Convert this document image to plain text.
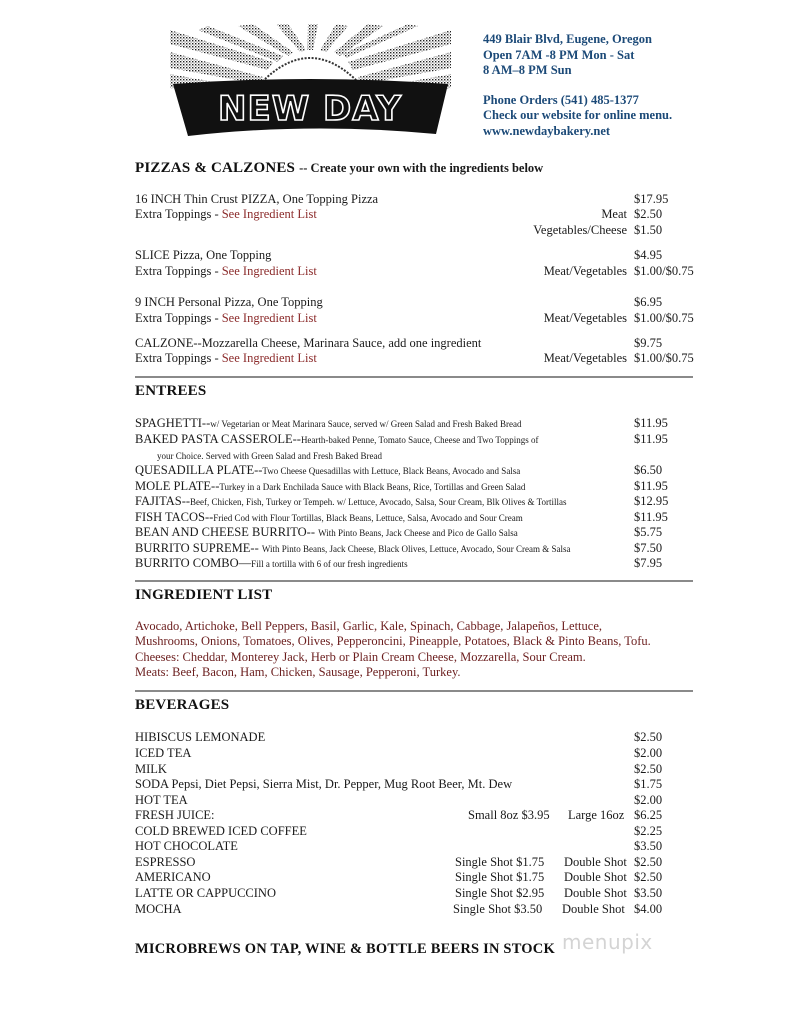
NEW DAY
449 Blair Blvd, Eugene, Oregon
Open 7AM -8 PM Mon - Sat
8 AM–8 PM Sun
Phone Orders (541) 485-1377
Check our website for online menu.
www.newdaybakery.net
PIZZAS & CALZONES -- Create your own with the ingredients below
16 INCH Thin Crust PIZZA, One Topping Pizza	$17.95
Extra Toppings - See Ingredient List	Meat $2.50
Vegetables/Cheese $1.50
SLICE Pizza, One Topping	$4.95
Extra Toppings - See Ingredient List	Meat/Vegetables $1.00/$0.75
9 INCH Personal Pizza, One Topping	$6.95
Extra Toppings - See Ingredient List	Meat/Vegetables $1.00/$0.75
CALZONE--Mozzarella Cheese, Marinara Sauce, add one ingredient	$9.75
Extra Toppings - See Ingredient List	Meat/Vegetables $1.00/$0.75
ENTREES
SPAGHETTI--w/ Vegetarian or Meat Marinara Sauce, served w/ Green Salad and Fresh Baked Bread	$11.95
BAKED PASTA CASSEROLE--Hearth-baked Penne, Tomato Sauce, Cheese and Two Toppings of	$11.95
your Choice. Served with Green Salad and Fresh Baked Bread
QUESADILLA PLATE--Two Cheese Quesadillas with Lettuce, Black Beans, Avocado and Salsa	$6.50
MOLE PLATE--Turkey in a Dark Enchilada Sauce with Black Beans, Rice, Tortillas and Green Salad	$11.95
FAJITAS--Beef, Chicken, Fish, Turkey or Tempeh. w/ Lettuce, Avocado, Salsa, Sour Cream, Blk Olives & Tortillas	$12.95
FISH TACOS--Fried Cod with Flour Tortillas, Black Beans, Lettuce, Salsa, Avocado and Sour Cream	$11.95
BEAN AND CHEESE BURRITO-- With Pinto Beans, Jack Cheese and Pico de Gallo Salsa	$5.75
BURRITO SUPREME-- With Pinto Beans, Jack Cheese, Black Olives, Lettuce, Avocado, Sour Cream & Salsa	$7.50
BURRITO COMBO—Fill a tortilla with 6 of our fresh ingredients	$7.95
INGREDIENT LIST
Avocado, Artichoke, Bell Peppers, Basil, Garlic, Kale, Spinach, Cabbage, Jalapeños, Lettuce,
Mushrooms, Onions, Tomatoes, Olives, Pepperoncini, Pineapple, Potatoes, Black & Pinto Beans, Tofu.
Cheeses: Cheddar, Monterey Jack, Herb or Plain Cream Cheese, Mozzarella, Sour Cream.
Meats: Beef, Bacon, Ham, Chicken, Sausage, Pepperoni, Turkey.
BEVERAGES
HIBISCUS LEMONADE	$2.50
ICED TEA	$2.00
MILK	$2.50
SODA Pepsi, Diet Pepsi, Sierra Mist, Dr. Pepper, Mug Root Beer, Mt. Dew	$1.75
HOT TEA	$2.00
FRESH JUICE:	Small 8oz $3.95 Large 16oz $6.25
COLD BREWED ICED COFFEE	$2.25
HOT CHOCOLATE	$3.50
ESPRESSO	Single Shot $1.75 Double Shot $2.50
AMERICANO	Single Shot $1.75 Double Shot $2.50
LATTE OR CAPPUCCINO	Single Shot $2.95 Double Shot $3.50
MOCHA	Single Shot $3.50 Double Shot $4.00
MICROBREWS ON TAP, WINE & BOTTLE BEERS IN STOCK menupix
